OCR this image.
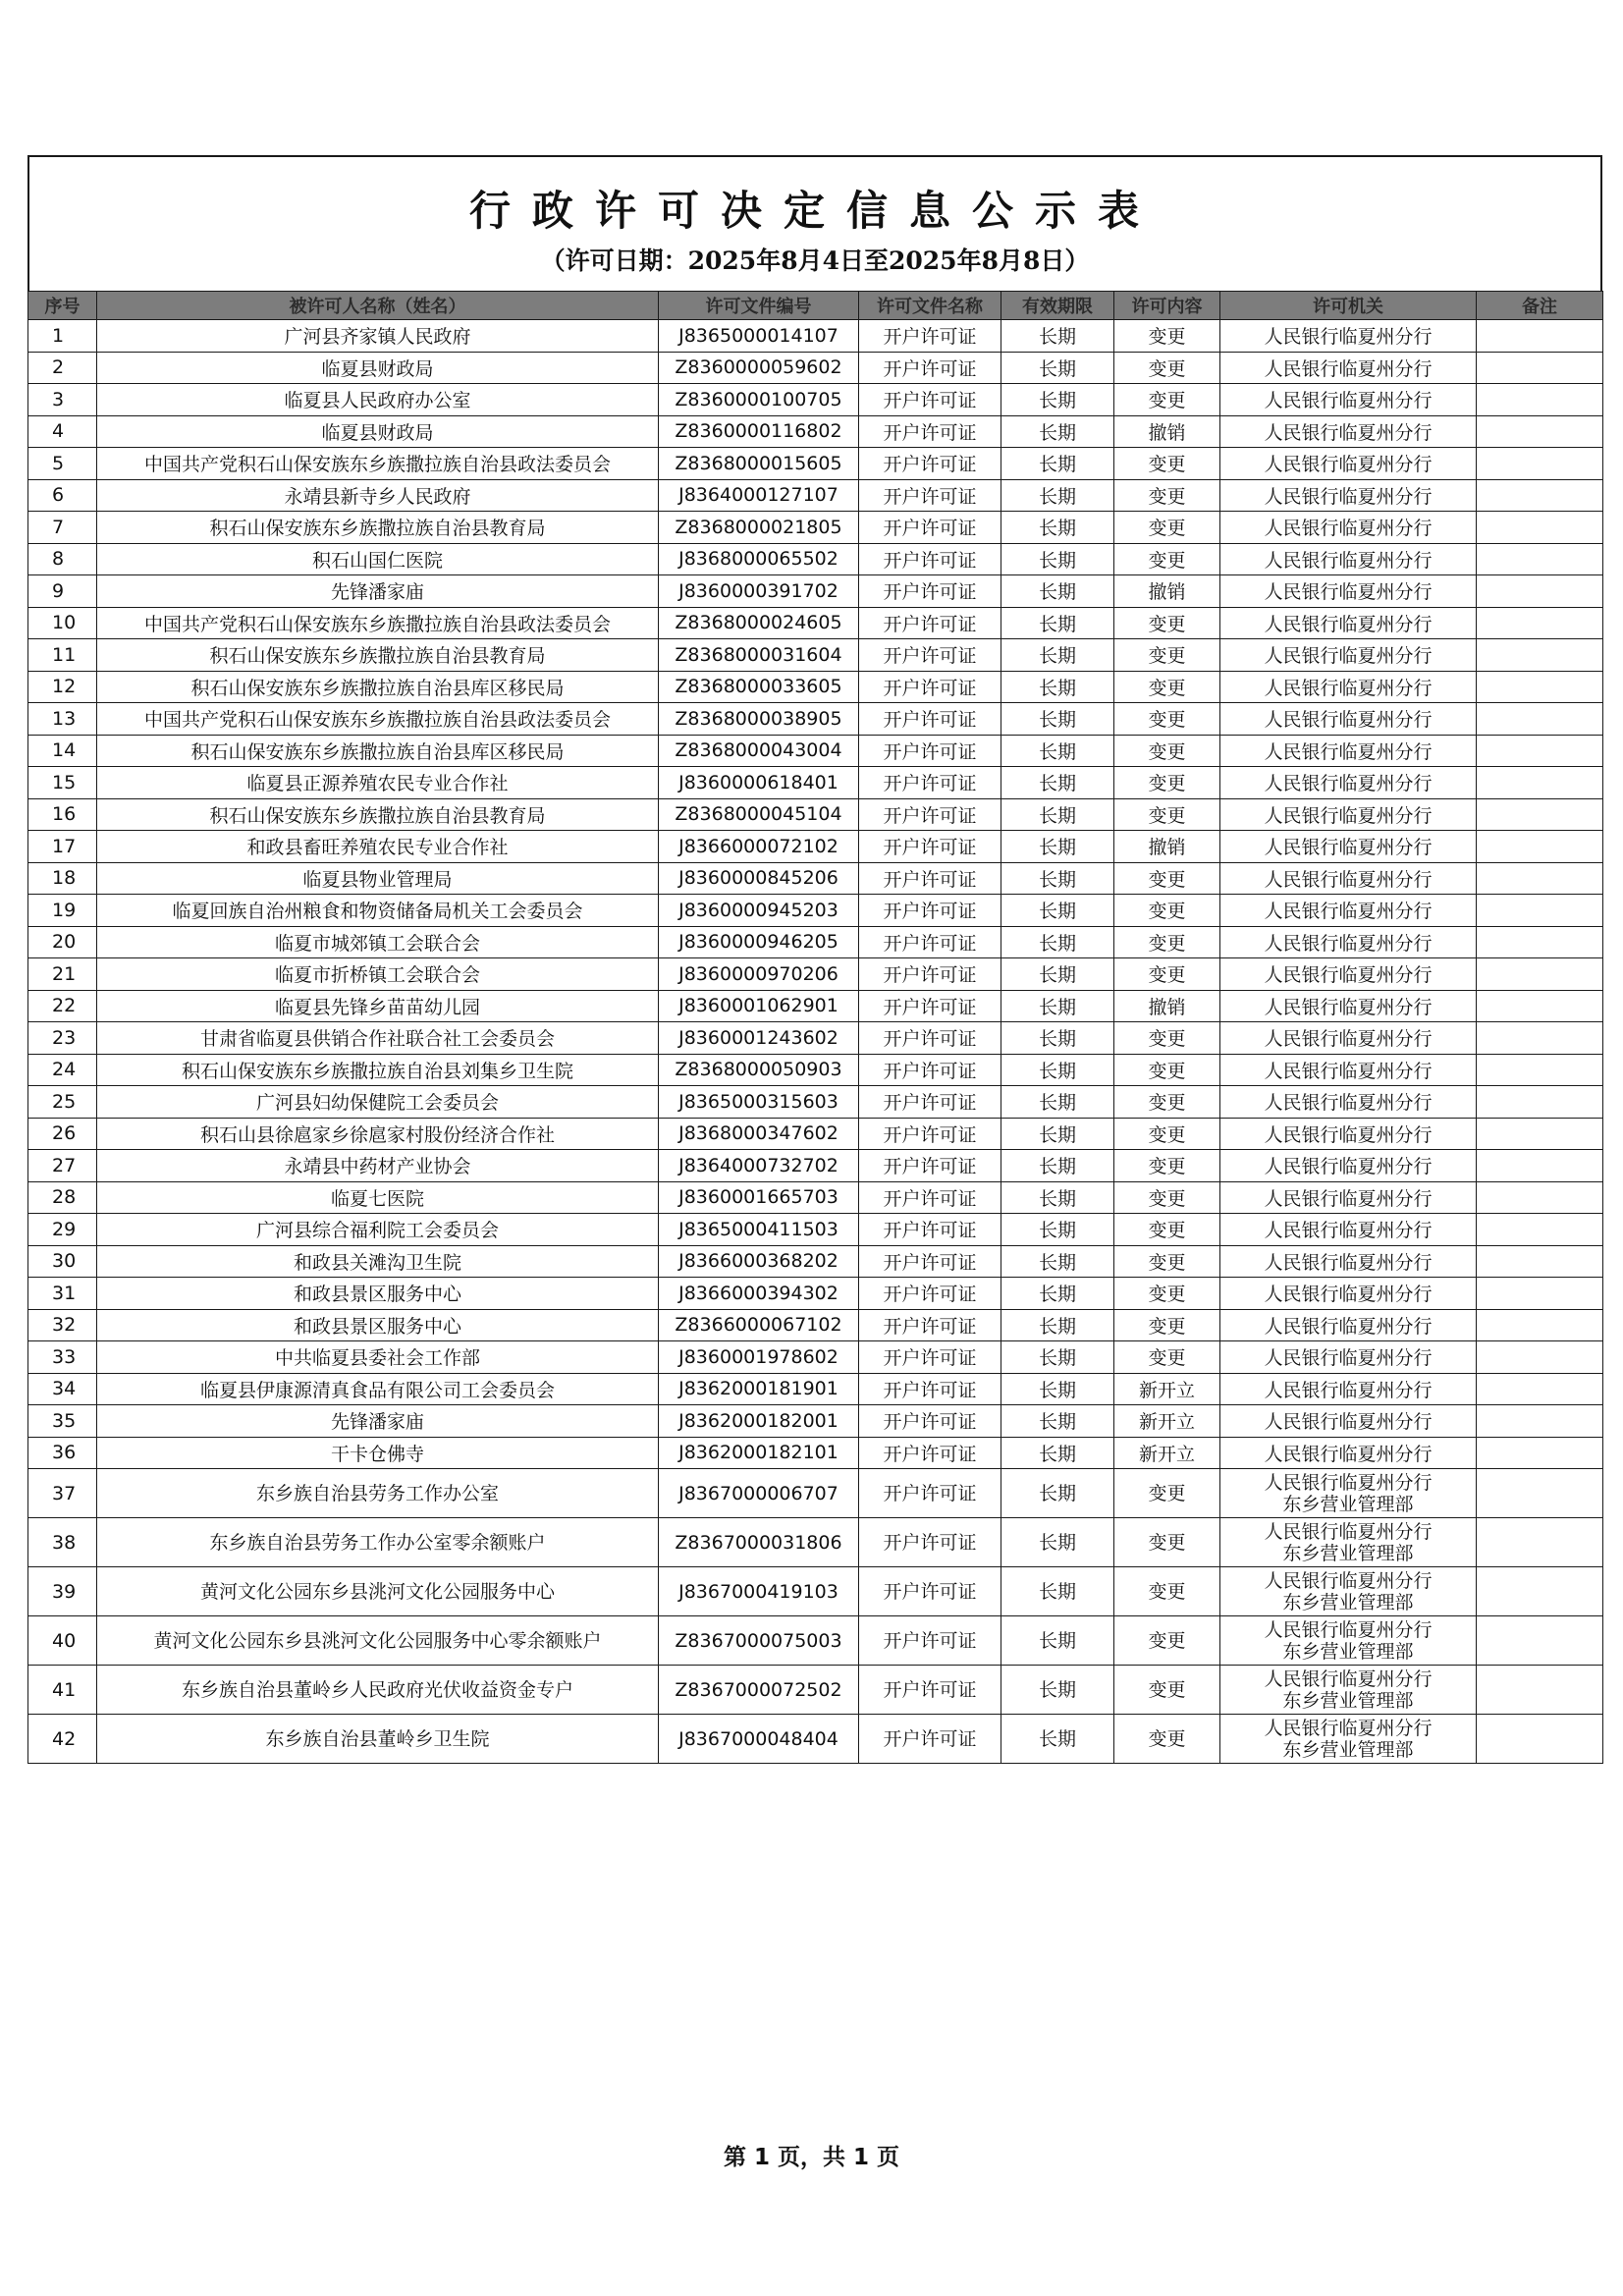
行政许可决定信息公示表
（许可日期：2025年8月4日至2025年8月8日）
序号	被许可人名称（姓名）	许可文件编号	许可文件名称	有效期限	许可内容	许可机关	备注
1	广河县齐家镇人民政府	J8365000014107	开户许可证	长期	变更	人民银行临夏州分行	

2	临夏县财政局	Z8360000059602	开户许可证	长期	变更	人民银行临夏州分行	

3	临夏县人民政府办公室	Z8360000100705	开户许可证	长期	变更	人民银行临夏州分行	

4	临夏县财政局	Z8360000116802	开户许可证	长期	撤销	人民银行临夏州分行	

5	中国共产党积石山保安族东乡族撒拉族自治县政法委员会	Z8368000015605	开户许可证	长期	变更	人民银行临夏州分行	

6	永靖县新寺乡人民政府	J8364000127107	开户许可证	长期	变更	人民银行临夏州分行	

7	积石山保安族东乡族撒拉族自治县教育局	Z8368000021805	开户许可证	长期	变更	人民银行临夏州分行	

8	积石山国仁医院	J8368000065502	开户许可证	长期	变更	人民银行临夏州分行	

9	先锋潘家庙	J8360000391702	开户许可证	长期	撤销	人民银行临夏州分行	

10	中国共产党积石山保安族东乡族撒拉族自治县政法委员会	Z8368000024605	开户许可证	长期	变更	人民银行临夏州分行	

11	积石山保安族东乡族撒拉族自治县教育局	Z8368000031604	开户许可证	长期	变更	人民银行临夏州分行	

12	积石山保安族东乡族撒拉族自治县库区移民局	Z8368000033605	开户许可证	长期	变更	人民银行临夏州分行	

13	中国共产党积石山保安族东乡族撒拉族自治县政法委员会	Z8368000038905	开户许可证	长期	变更	人民银行临夏州分行	

14	积石山保安族东乡族撒拉族自治县库区移民局	Z8368000043004	开户许可证	长期	变更	人民银行临夏州分行	

15	临夏县正源养殖农民专业合作社	J8360000618401	开户许可证	长期	变更	人民银行临夏州分行	

16	积石山保安族东乡族撒拉族自治县教育局	Z8368000045104	开户许可证	长期	变更	人民银行临夏州分行	

17	和政县畜旺养殖农民专业合作社	J8366000072102	开户许可证	长期	撤销	人民银行临夏州分行	

18	临夏县物业管理局	J8360000845206	开户许可证	长期	变更	人民银行临夏州分行	

19	临夏回族自治州粮食和物资储备局机关工会委员会	J8360000945203	开户许可证	长期	变更	人民银行临夏州分行	

20	临夏市城郊镇工会联合会	J8360000946205	开户许可证	长期	变更	人民银行临夏州分行	

21	临夏市折桥镇工会联合会	J8360000970206	开户许可证	长期	变更	人民银行临夏州分行	

22	临夏县先锋乡苗苗幼儿园	J8360001062901	开户许可证	长期	撤销	人民银行临夏州分行	

23	甘肃省临夏县供销合作社联合社工会委员会	J8360001243602	开户许可证	长期	变更	人民银行临夏州分行	

24	积石山保安族东乡族撒拉族自治县刘集乡卫生院	Z8368000050903	开户许可证	长期	变更	人民银行临夏州分行	

25	广河县妇幼保健院工会委员会	J8365000315603	开户许可证	长期	变更	人民银行临夏州分行	

26	积石山县徐扈家乡徐扈家村股份经济合作社	J8368000347602	开户许可证	长期	变更	人民银行临夏州分行	

27	永靖县中药材产业协会	J8364000732702	开户许可证	长期	变更	人民银行临夏州分行	

28	临夏七医院	J8360001665703	开户许可证	长期	变更	人民银行临夏州分行	

29	广河县综合福利院工会委员会	J8365000411503	开户许可证	长期	变更	人民银行临夏州分行	

30	和政县关滩沟卫生院	J8366000368202	开户许可证	长期	变更	人民银行临夏州分行	

31	和政县景区服务中心	J8366000394302	开户许可证	长期	变更	人民银行临夏州分行	

32	和政县景区服务中心	Z8366000067102	开户许可证	长期	变更	人民银行临夏州分行	

33	中共临夏县委社会工作部	J8360001978602	开户许可证	长期	变更	人民银行临夏州分行	

34	临夏县伊康源清真食品有限公司工会委员会	J8362000181901	开户许可证	长期	新开立	人民银行临夏州分行	

35	先锋潘家庙	J8362000182001	开户许可证	长期	新开立	人民银行临夏州分行	

36	干卡仓佛寺	J8362000182101	开户许可证	长期	新开立	人民银行临夏州分行	

37	东乡族自治县劳务工作办公室	J8367000006707	开户许可证	长期	变更	人民银行临夏州分行
东乡营业管理部	

38	东乡族自治县劳务工作办公室零余额账户	Z8367000031806	开户许可证	长期	变更	人民银行临夏州分行
东乡营业管理部	

39	黄河文化公园东乡县洮河文化公园服务中心	J8367000419103	开户许可证	长期	变更	人民银行临夏州分行
东乡营业管理部	

40	黄河文化公园东乡县洮河文化公园服务中心零余额账户	Z8367000075003	开户许可证	长期	变更	人民银行临夏州分行
东乡营业管理部	

41	东乡族自治县董岭乡人民政府光伏收益资金专户	Z8367000072502	开户许可证	长期	变更	人民银行临夏州分行
东乡营业管理部	

42	东乡族自治县董岭乡卫生院	J8367000048404	开户许可证	长期	变更	人民银行临夏州分行
东乡营业管理部	

第 1 页，共 1 页
